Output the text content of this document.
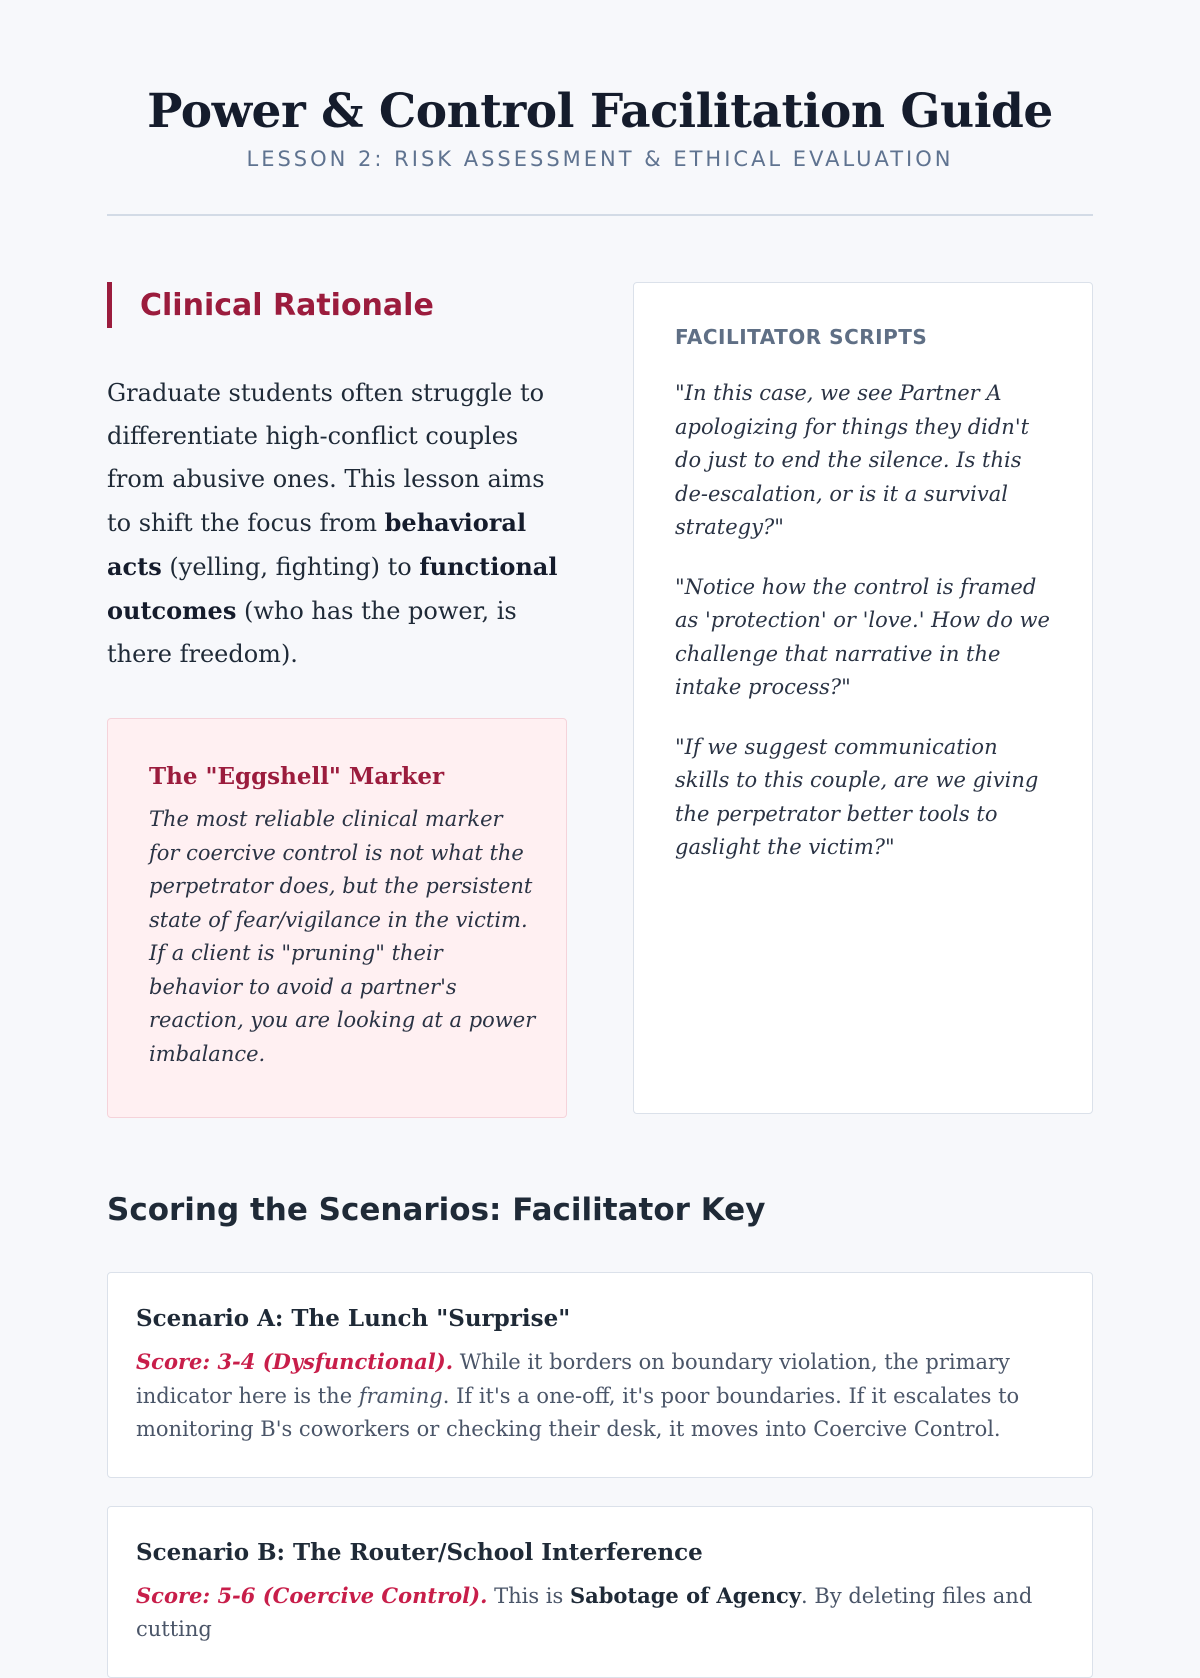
Power & Control Facilitation Guide
LESSON 2: RISK ASSESSMENT & ETHICAL EVALUATION
Clinical Rationale

Graduate students often struggle to differentiate high-conflict couples from abusive ones. This lesson aims to shift the focus from behavioral acts (yelling, fighting) to functional outcomes (who has the power, is there freedom).

The "Eggshell" Marker

The most reliable clinical marker for coercive control is not what the perpetrator does, but the persistent state of fear/vigilance in the victim. If a client is "pruning" their behavior to avoid a partner's reaction, you are looking at a power imbalance.

FACILITATOR SCRIPTS

"In this case, we see Partner A apologizing for things they didn't do just to end the silence. Is this de-escalation, or is it a survival strategy?"

"Notice how the control is framed as 'protection' or 'love.' How do we challenge that narrative in the intake process?"

"If we suggest communication skills to this couple, are we giving the perpetrator better tools to gaslight the victim?"

Scoring the Scenarios: Facilitator Key
Scenario A: The Lunch "Surprise"

Score: 3-4 (Dysfunctional). While it borders on boundary violation, the primary indicator here is the framing. If it's a one-off, it's poor boundaries. If it escalates to monitoring B's coworkers or checking their desk, it moves into Coercive Control.

Scenario B: The Router/School Interference

Score: 5-6 (Coercive Control). This is Sabotage of Agency. By deleting files and cutting
